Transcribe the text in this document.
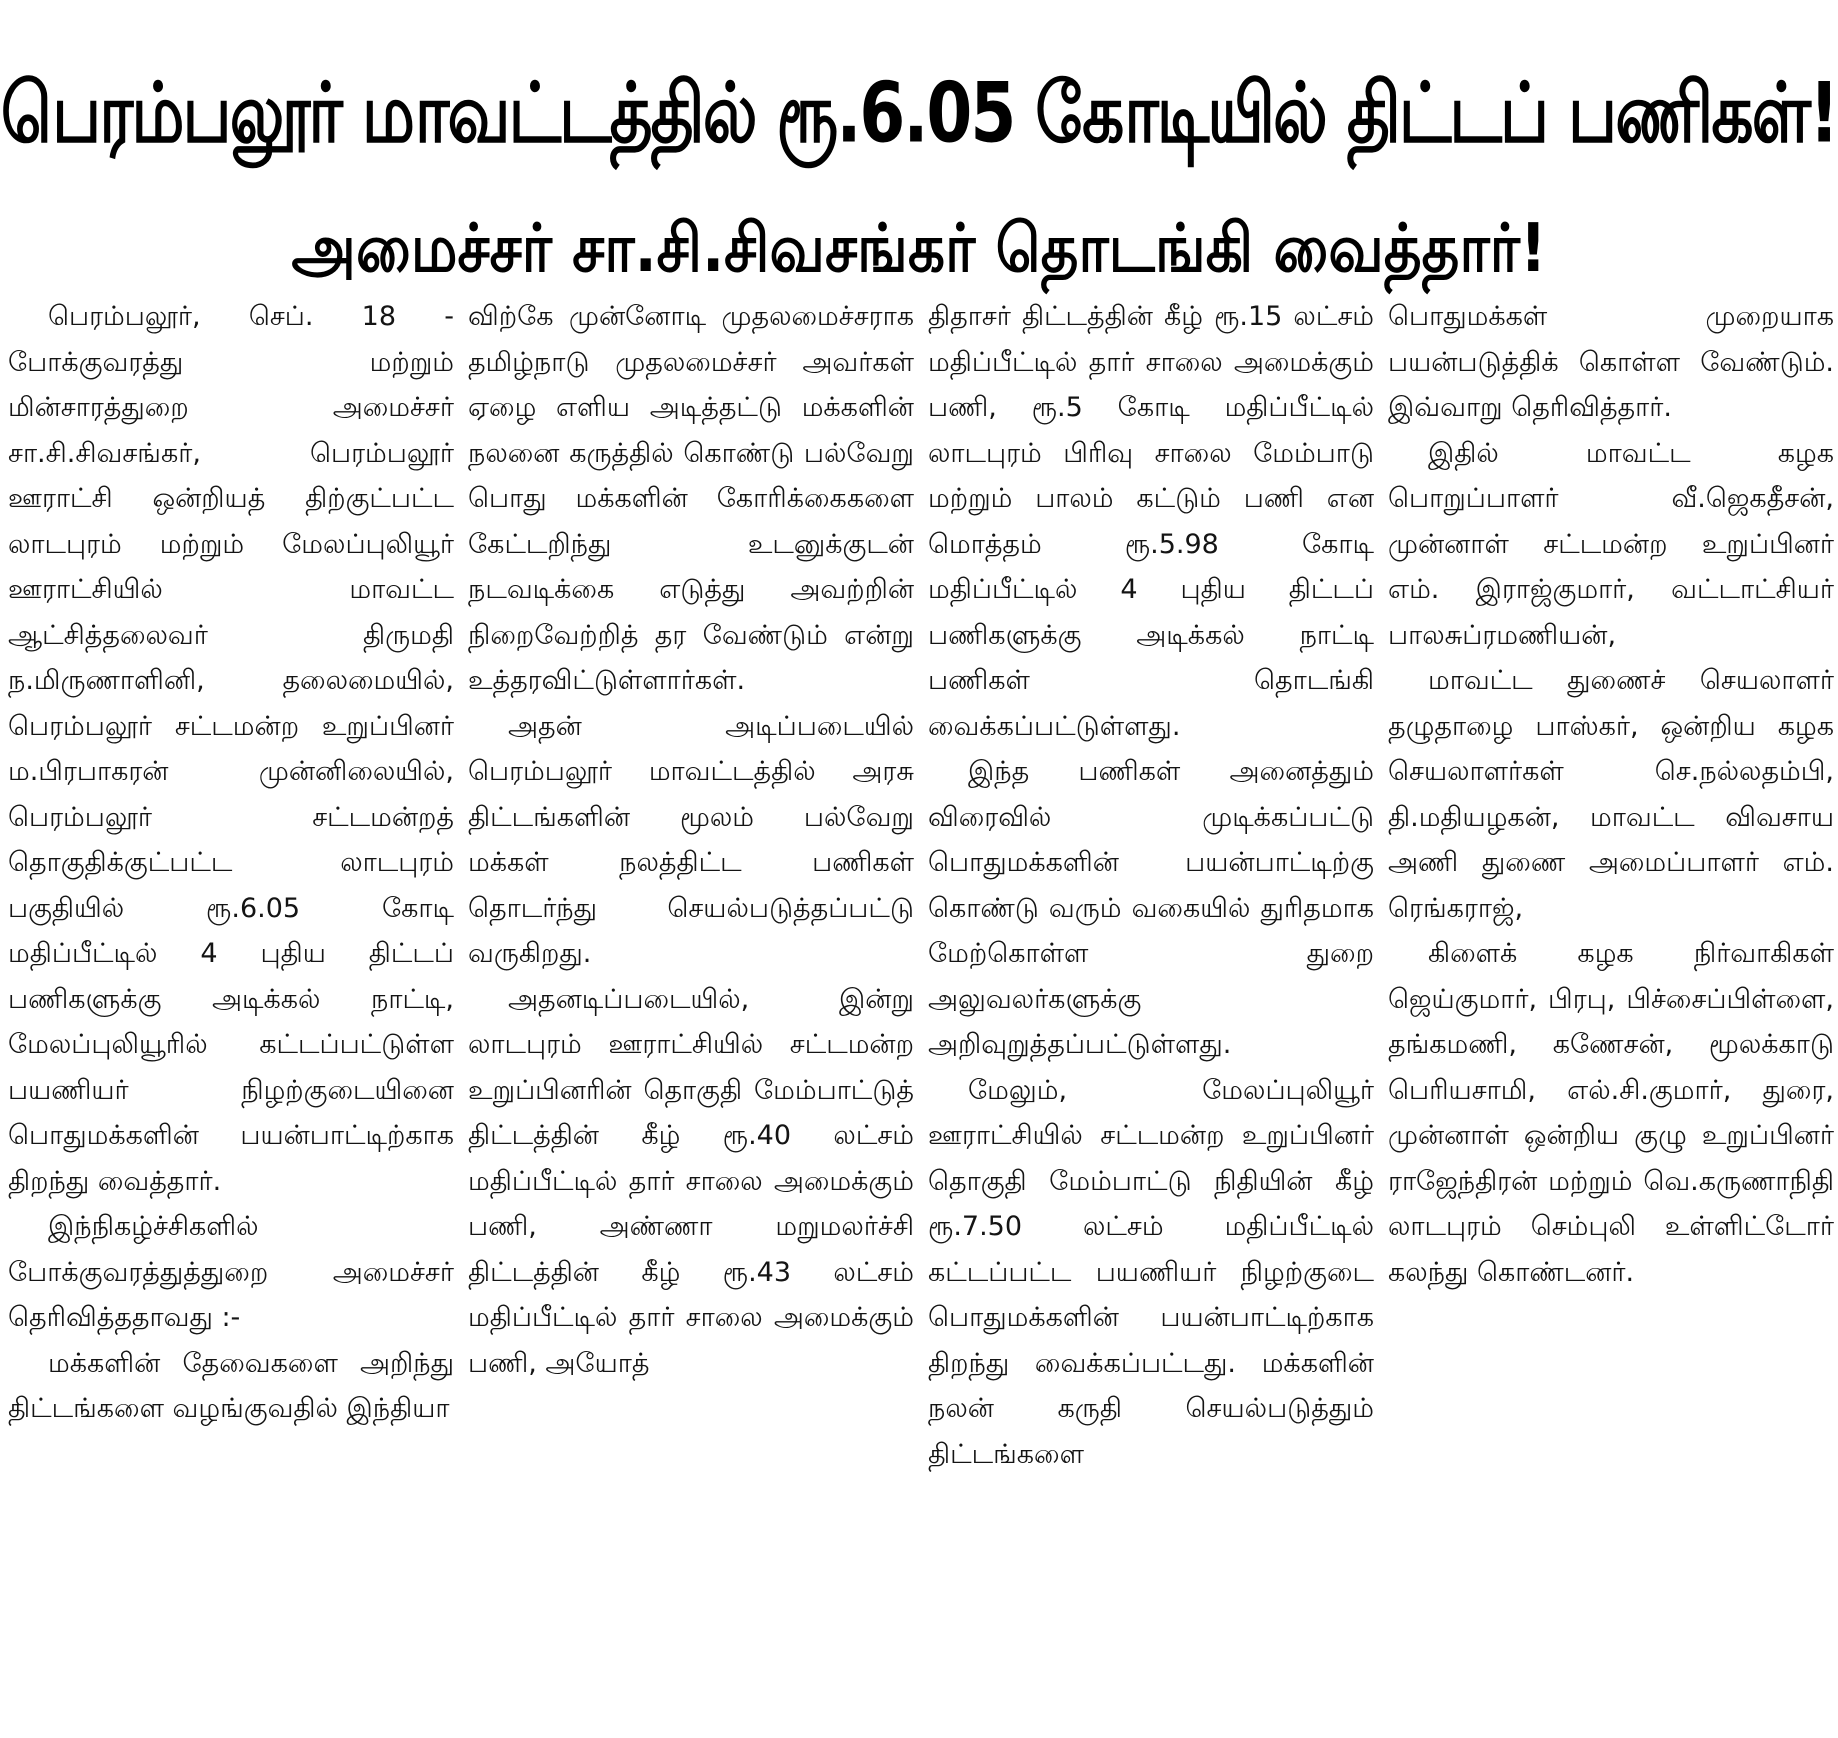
பெரம்பலூர் மாவட்டத்தில் ரூ.6.05 கோடியில் திட்டப் பணிகள்!
அமைச்சர் சா.சி.சிவசங்கர் தொடங்கி வைத்தார்!

பெரம்பலூர், செப். 18 - போக்குவரத்து மற்றும் மின்சாரத்துறை அமைச்சர் சா.சி.சிவசங்கர், பெரம்பலூர் ஊராட்சி ஒன்றியத் திற்குட்பட்ட லாடபுரம் மற்றும் மேலப்புலியூர் ஊராட்சியில் மாவட்ட ஆட்சித்தலைவர் திருமதி ந.மிருணாளினி, தலைமையில், பெரம்பலூர் சட்டமன்ற உறுப்பினர் ம.பிரபாகரன் முன்னிலையில், பெரம்பலூர் சட்டமன்றத் தொகுதிக்குட்பட்ட லாடபுரம் பகுதியில் ரூ.6.05 கோடி மதிப்பீட்டில் 4 புதிய திட்டப் பணிகளுக்கு அடிக்கல் நாட்டி, மேலப்புலியூரில் கட்டப்பட்டுள்ள பயணியர் நிழற்குடையினை பொதுமக்களின் பயன்பாட்டிற்காக திறந்து வைத்தார்.

இந்நிகழ்ச்சிகளில் போக்குவரத்துத்துறை அமைச்சர் தெரிவித்ததாவது :-

மக்களின் தேவைகளை அறிந்து திட்டங்களை வழங்குவதில் இந்தியா

விற்கே முன்னோடி முதலமைச்சராக தமிழ்நாடு முதலமைச்சர் அவர்கள் ஏழை எளிய அடித்தட்டு மக்களின் நலனை கருத்தில் கொண்டு பல்வேறு பொது மக்களின் கோரிக்கைகளை கேட்டறிந்து உடனுக்குடன் நடவடிக்கை எடுத்து அவற்றின் நிறைவேற்றித் தர வேண்டும் என்று உத்தரவிட்டுள்ளார்கள்.

அதன் அடிப்படையில் பெரம்பலூர் மாவட்டத்தில் அரசு திட்டங்களின் மூலம் பல்வேறு மக்கள் நலத்திட்ட பணிகள் தொடர்ந்து செயல்படுத்தப்பட்டு வருகிறது.

அதனடிப்படையில், இன்று லாடபுரம் ஊராட்சியில் சட்டமன்ற உறுப்பினரின் தொகுதி மேம்பாட்டுத் திட்டத்தின் கீழ் ரூ.40 லட்சம் மதிப்பீட்டில் தார் சாலை அமைக்கும் பணி, அண்ணா மறுமலர்ச்சி திட்டத்தின் கீழ் ரூ.43 லட்சம் மதிப்பீட்டில் தார் சாலை அமைக்கும் பணி, அயோத்

திதாசர் திட்டத்தின் கீழ் ரூ.15 லட்சம் மதிப்பீட்டில் தார் சாலை அமைக்கும் பணி, ரூ.5 கோடி மதிப்பீட்டில் லாடபுரம் பிரிவு சாலை மேம்பாடு மற்றும் பாலம் கட்டும் பணி என மொத்தம் ரூ.5.98 கோடி மதிப்பீட்டில் 4 புதிய திட்டப் பணிகளுக்கு அடிக்கல் நாட்டி பணிகள் தொடங்கி வைக்கப்பட்டுள்ளது.

இந்த பணிகள் அனைத்தும் விரைவில் முடிக்கப்பட்டு பொதுமக்களின் பயன்பாட்டிற்கு கொண்டு வரும் வகையில் துரிதமாக மேற்கொள்ள துறை அலுவலர்களுக்கு அறிவுறுத்தப்பட்டுள்ளது.

மேலும், மேலப்புலியூர் ஊராட்சியில் சட்டமன்ற உறுப்பினர் தொகுதி மேம்பாட்டு நிதியின் கீழ் ரூ.7.50 லட்சம் மதிப்பீட்டில் கட்டப்பட்ட பயணியர் நிழற்குடை பொதுமக்களின் பயன்பாட்டிற்காக திறந்து வைக்கப்பட்டது. மக்களின் நலன் கருதி செயல்படுத்தும் திட்டங்களை

பொதுமக்கள் முறையாக பயன்படுத்திக் கொள்ள வேண்டும். இவ்வாறு தெரிவித்தார்.

இதில் மாவட்ட கழக பொறுப்பாளர் வீ.ஜெகதீசன், முன்னாள் சட்டமன்ற உறுப்பினர் எம். இராஜ்குமார், வட்டாட்சியர் பாலசுப்ரமணியன்,

மாவட்ட துணைச் செயலாளர் தழுதாழை பாஸ்கர், ஒன்றிய கழக செயலாளர்கள் செ.நல்லதம்பி, தி.மதியழகன், மாவட்ட விவசாய அணி துணை அமைப்பாளர் எம். ரெங்கராஜ்,

கிளைக் கழக நிர்வாகிகள் ஜெய்குமார், பிரபு, பிச்சைப்பிள்ளை, தங்கமணி, கணேசன், மூலக்காடு பெரியசாமி, எல்.சி.குமார், துரை, முன்னாள் ஒன்றிய குழு உறுப்பினர் ராஜேந்திரன் மற்றும் வெ.கருணாநிதி லாடபுரம் செம்புலி உள்ளிட்டோர் கலந்து கொண்டனர்.
